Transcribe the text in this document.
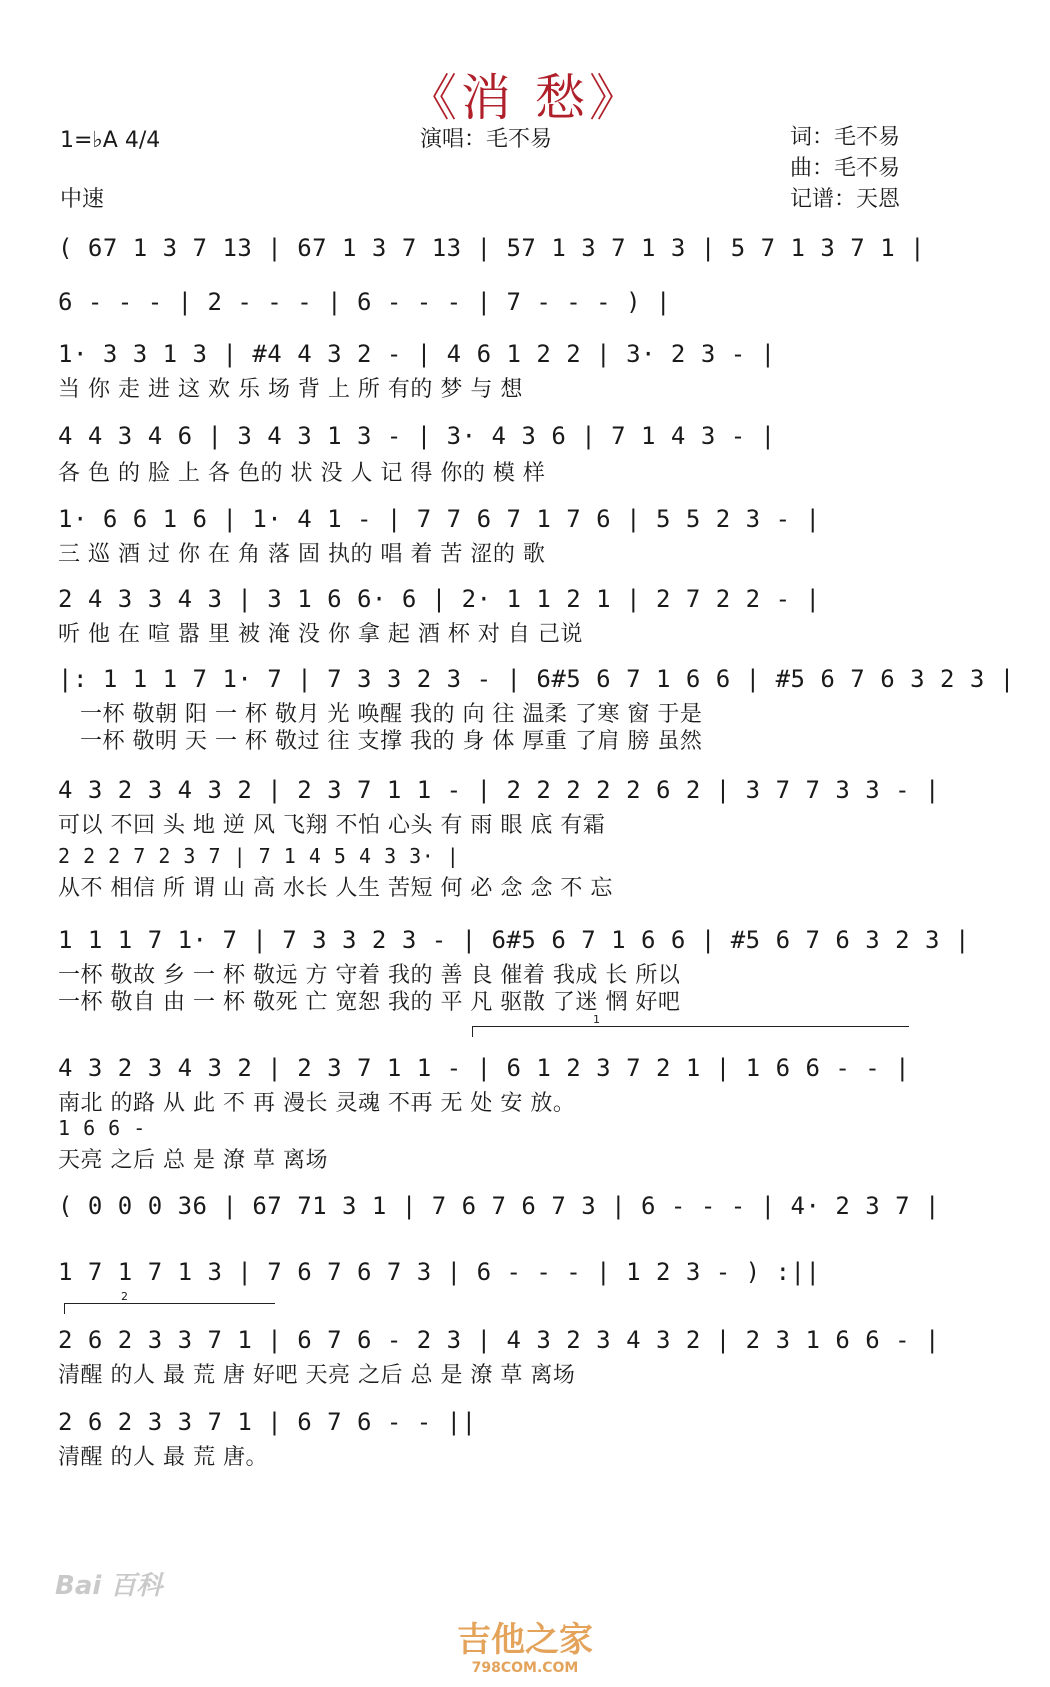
《消 愁》
1=♭A 4/4	演唱：毛不易	词：毛不易
曲：毛不易
记谱：天恩
中速
( 67 1 3 7 13 | 67 1 3 7 13 | 57 1 3 7 1 3 | 5 7 1 3 7 1 |
6 - - - | 2 - - - | 6 - - - | 7 - - - ) |
1· 3 3 1 3 | #4 4 3 2 - | 4 6 1 2 2 | 3· 2 3 - |
当 你 走 进 这 欢 乐 场 背 上 所 有的 梦 与 想
4 4 3 4 6 | 3 4 3 1 3 - | 3· 4 3 6 | 7 1 4 3 - |
各 色 的 脸 上 各 色的 状 没 人 记 得 你的 模 样
1· 6 6 1 6 | 1· 4 1 - | 7 7 6 7 1 7 6 | 5 5 2 3 - |
三 巡 酒 过 你 在 角 落 固 执的 唱 着 苦 涩的 歌
2 4 3 3 4 3 | 3 1 6 6· 6 | 2· 1 1 2 1 | 2 7 2 2 - |
听 他 在 喧 嚣 里 被 淹 没 你 拿 起 酒 杯 对 自 己说
|: 1 1 1 7 1· 7 | 7 3 3 2 3 - | 6#5 6 7 1 6 6 | #5 6 7 6 3 2 3 |
一杯 敬朝 阳 一 杯 敬月 光 唤醒 我的 向 往 温柔 了寒 窗 于是
一杯 敬明 天 一 杯 敬过 往 支撑 我的 身 体 厚重 了肩 膀 虽然
4 3 2 3 4 3 2 | 2 3 7 1 1 - | 2 2 2 2 2 6 2 | 3 7 7 3 3 - |
可以 不回 头 地 逆 风 飞翔 不怕 心头 有 雨 眼 底 有霜
2 2 2 7 2 3 7 | 7 1 4 5 4 3 3· |
从不 相信 所 谓 山 高 水长 人生 苦短 何 必 念 念 不 忘
1 1 1 7 1· 7 | 7 3 3 2 3 - | 6#5 6 7 1 6 6 | #5 6 7 6 3 2 3 |
一杯 敬故 乡 一 杯 敬远 方 守着 我的 善 良 催着 我成 长 所以
一杯 敬自 由 一 杯 敬死 亡 宽恕 我的 平 凡 驱散 了迷 惘 好吧
1
4 3 2 3 4 3 2 | 2 3 7 1 1 - | 6 1 2 3 7 2 1 | 1 6 6 - - |
南北 的路 从 此 不 再 漫长 灵魂 不再 无 处 安 放。
1 6 6 -
天亮 之后 总 是 潦 草 离场
( 0 0 0 36 | 67 71 3 1 | 7 6 7 6 7 3 | 6 - - - | 4· 2 3 7 |
1 7 1 7 1 3 | 7 6 7 6 7 3 | 6 - - - | 1 2 3 - ) :||
2
2 6 2 3 3 7 1 | 6 7 6 - 2 3 | 4 3 2 3 4 3 2 | 2 3 1 6 6 - |
清醒 的人 最 荒 唐 好吧 天亮 之后 总 是 潦 草 离场
2 6 2 3 3 7 1 | 6 7 6 - - ||
清醒 的人 最 荒 唐。
Bai 百科
吉他之家
798COM.COM
